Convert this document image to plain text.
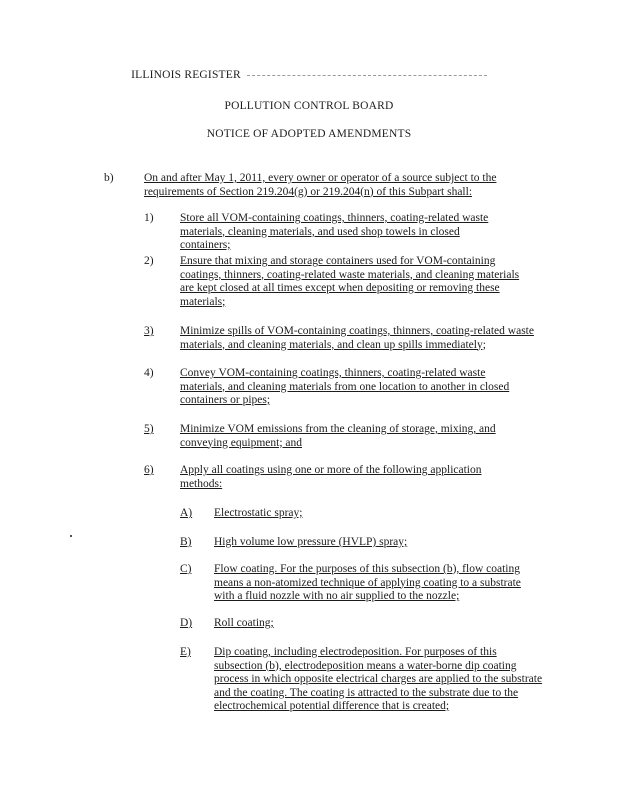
ILLINOIS REGISTER
POLLUTION CONTROL BOARD
NOTICE OF ADOPTED AMENDMENTS
b)	On and after May 1, 2011, every owner or operator of a source subject to the requirements of Section 219.204(g) or 219.204(n) of this Subpart shall:
1) Store all VOM-containing coatings, thinners, coating-related waste materials, cleaning materials, and used shop towels in closed containers;
2) Ensure that mixing and storage containers used for VOM-containing coatings, thinners, coating-related waste materials, and cleaning materials are kept closed at all times except when depositing or removing these materials;
3) Minimize spills of VOM-containing coatings, thinners, coating-related waste materials, and cleaning materials, and clean up spills immediately;
4) Convey VOM-containing coatings, thinners, coating-related waste materials, and cleaning materials from one location to another in closed containers or pipes;
5) Minimize VOM emissions from the cleaning of storage, mixing, and conveying equipment; and
6) Apply all coatings using one or more of the following application methods:
A) Electrostatic spray;
B) High volume low pressure (HVLP) spray;
C) Flow coating. For the purposes of this subsection (b), flow coating means a non-atomized technique of applying coating to a substrate with a fluid nozzle with no air supplied to the nozzle;
D) Roll coating;
E) Dip coating, including electrodeposition. For purposes of this subsection (b), electrodeposition means a water-borne dip coating process in which opposite electrical charges are applied to the substrate and the coating. The coating is attracted to the substrate due to the electrochemical potential difference that is created;
